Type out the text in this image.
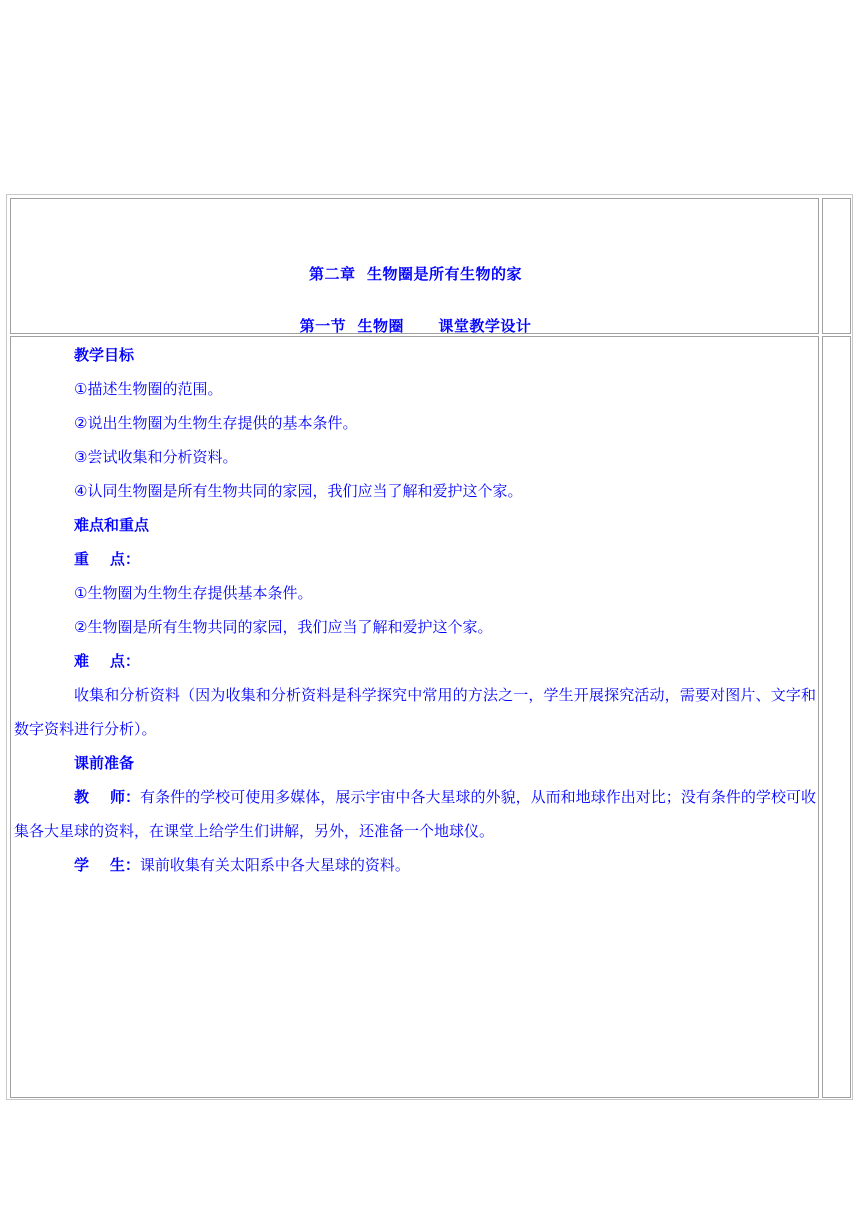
第二章  生物圈是所有生物的家
第一节  生物圈      课堂教学设计

教学目标

①描述生物圈的范围。

②说出生物圈为生物生存提供的基本条件。

③尝试收集和分析资料。

④认同生物圈是所有生物共同的家园，我们应当了解和爱护这个家。

难点和重点

重    点：

①生物圈为生物生存提供基本条件。

②生物圈是所有生物共同的家园，我们应当了解和爱护这个家。

难    点：

收集和分析资料（因为收集和分析资料是科学探究中常用的方法之一，学生开展探究活动，需要对图片、文字和数字资料进行分析）。

课前准备

教    师：有条件的学校可使用多媒体，展示宇宙中各大星球的外貌，从而和地球作出对比；没有条件的学校可收集各大星球的资料，在课堂上给学生们讲解，另外，还准备一个地球仪。

学    生：课前收集有关太阳系中各大星球的资料。
